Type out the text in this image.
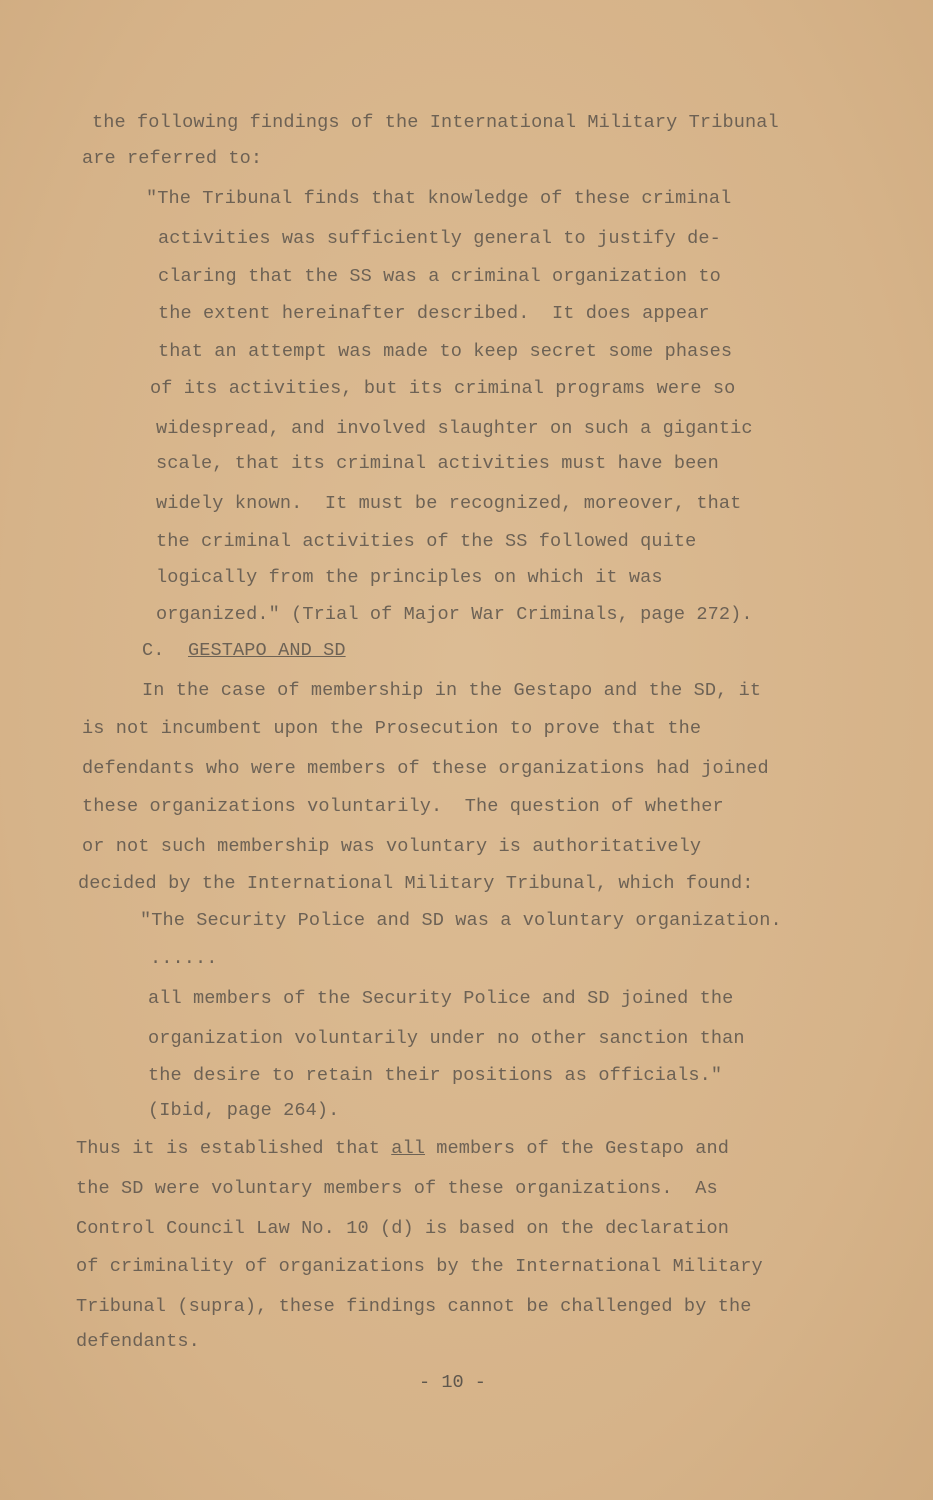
the following findings of the International Military Tribunal
are referred to:
"The Tribunal finds that knowledge of these criminal
activities was sufficiently general to justify de-
claring that the SS was a criminal organization to
the extent hereinafter described.  It does appear
that an attempt was made to keep secret some phases
of its activities, but its criminal programs were so
widespread, and involved slaughter on such a gigantic
scale, that its criminal activities must have been
widely known.  It must be recognized, moreover, that
the criminal activities of the SS followed quite
logically from the principles on which it was
organized." (Trial of Major War Criminals, page 272).
C. GESTAPO AND SD
In the case of membership in the Gestapo and the SD, it
is not incumbent upon the Prosecution to prove that the
defendants who were members of these organizations had joined
these organizations voluntarily.  The question of whether
or not such membership was voluntary is authoritatively
decided by the International Military Tribunal, which found:
"The Security Police and SD was a voluntary organization.
......
all members of the Security Police and SD joined the
organization voluntarily under no other sanction than
the desire to retain their positions as officials."
(Ibid, page 264).
Thus it is established that all members of the Gestapo and
the SD were voluntary members of these organizations.  As
Control Council Law No. 10 (d) is based on the declaration
of criminality of organizations by the International Military
Tribunal (supra), these findings cannot be challenged by the
defendants.
- 10 -
